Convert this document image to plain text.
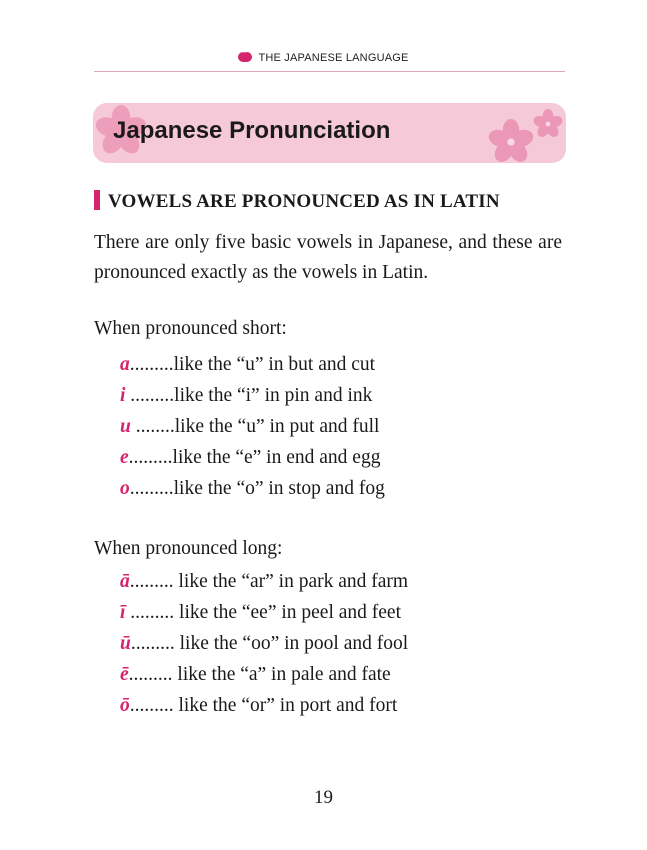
•••THE JAPANESE LANGUAGE
Japanese Pronunciation
VOWELS ARE PRONOUNCED AS IN LATIN
There are only five basic vowels in Japanese, and these are pronounced exactly as the vowels in Latin.
When pronounced short:
a.........like the “u” in but and cut
i .........like the “i” in pin and ink
u ........like the “u” in put and full
e.........like the “e” in end and egg
o.........like the “o” in stop and fog
When pronounced long:
ā......... like the “ar” in park and farm
ī ......... like the “ee” in peel and feet
ū......... like the “oo” in pool and fool
ē......... like the “a” in pale and fate
ō......... like the “or” in port and fort
19
